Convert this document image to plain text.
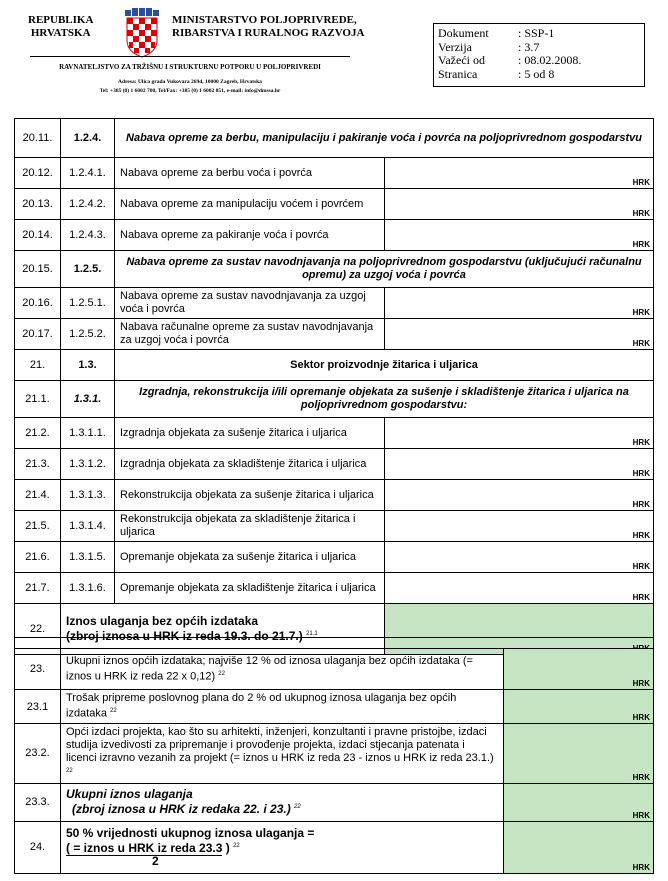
REPUBLIKA
HRVATSKA
MINISTARSTVO POLJOPRIVREDE,
RIBARSTVA I RURALNOG RAZVOJA
RAVNATELJSTVO ZA TRŽIŠNU I STRUKTURNU POTPORU U POLJOPRIVREDI
Adresa: Ulica grada Vukovara 269d, 10000 Zagreb, Hrvatska
Tel: +385 (0) 1 6002 700, Tel/Fax: +385 (0) 1 6002 851, e-mail: info@dmssa.hr
Dokument	: SSP-1
Verzija	: 3.7
Važeći od	: 08.02.2008.
Stranica	: 5 od 8
20.11.	1.2.4.	Nabava opreme za berbu, manipulaciju i pakiranje voća i povrća na poljoprivrednom gospodarstvu	
20.12.	1.2.4.1.	Nabava opreme za berbu voća i povrća	HRK

20.13.	1.2.4.2.	Nabava opreme za manipulaciju voćem i povrćem	HRK

20.14.	1.2.4.3.	Nabava opreme za pakiranje voća i povrća	HRK

20.15.	1.2.5.	Nabava opreme za sustav navodnjavanja na poljoprivrednom gospodarstvu (uključujući računalnu opremu) za uzgoj voća i povrća	
20.16.	1.2.5.1.	Nabava opreme za sustav navodnjavanja za uzgoj voća i povrća	HRK

20.17.	1.2.5.2.	Nabava računalne opreme za sustav navodnjavanja za uzgoj voća i povrća	HRK

21.	1.3.	Sektor proizvodnje žitarica i uljarica	
21.1.	1.3.1.	Izgradnja, rekonstrukcija i/ili opremanje objekata za sušenje i skladištenje žitarica i uljarica na poljoprivrednom gospodarstvu:	
21.2.	1.3.1.1.	Izgradnja objekata za sušenje žitarica i uljarica	HRK

21.3.	1.3.1.2.	Izgradnja objekata za skladištenje žitarica i uljarica	HRK

21.4.	1.3.1.3.	Rekonstrukcija objekata za sušenje žitarica i uljarica	HRK

21.5.	1.3.1.4.	Rekonstrukcija objekata za skladištenje žitarica i uljarica	HRK

21.6.	1.3.1.5.	Opremanje objekata za sušenje žitarica i uljarica	HRK

21.7.	1.3.1.6.	Opremanje objekata za skladištenje žitarica i uljarica	HRK

22.	Iznos ulaganja bez općih izdataka
(zbroj iznosa u HRK iz reda 19.3. do 21.7.) $^{21.1}$

23.	Ukupni iznos općih izdataka; najviše 12 % od iznosa ulaganja bez općih izdataka (= iznos u HRK iz reda 22 x 0,12) $^{22}$	HRK

23.1	Trošak pripreme poslovnog plana do 2 % od ukupnog iznosa ulaganja bez općih izdataka $^{22}$	HRK

23.2.	Opći izdaci projekta, kao što su arhitekti, inženjeri, konzultanti i pravne pristojbe, izdaci studija izvedivosti za pripremanje i provođenje projekta, izdaci stjecanja patenata i licenci izravno vezanih za projekt (= iznos u HRK iz reda 23 - iznos u HRK iz reda 23.1.) $^{22}$	HRK

23.3.	Ukupni iznos ulaganja
(zbroj iznosa u HRK iz redaka 22. i 23.) $^{22}$	HRK

24.	50 % vrijednosti ukupnog iznosa ulaganja =
( = iznos u HRK iz reda 23.3 ) $^{22}$
2	HRK
